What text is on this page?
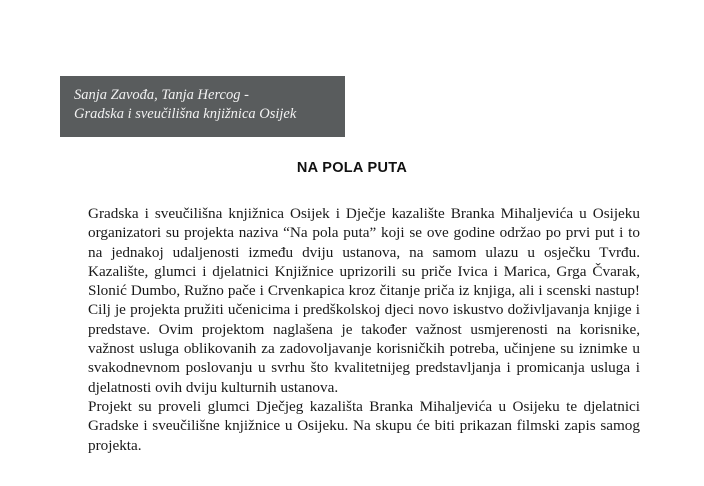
Sanja Zavođa, Tanja Hercog -
Gradska i sveučilišna knjižnica Osijek
NA POLA PUTA

Gradska i sveučilišna knjižnica Osijek i Dječje kazalište Branka Mihaljevića u Osijeku organizatori su projekta naziva “Na pola puta” koji se ove godine održao po prvi put i to na jednakoj udaljenosti između dviju ustanova, na samom ulazu u osječku Tvrđu. Kazalište, glumci i djelatnici Knjižnice uprizorili su priče Ivica i Marica, Grga Čvarak, Slonić Dumbo, Ružno pače i Crvenkapica kroz čitanje priča iz knjiga, ali i scenski nastup! Cilj je projekta pružiti učenicima i predškolskoj djeci novo iskustvo doživljavanja knjige i predstave. Ovim projektom naglašena je također važnost usmjerenosti na korisnike, važnost usluga oblikovanih za zadovoljavanje korisničkih potreba, učinjene su iznimke u svakodnevnom poslovanju u svrhu što kvalitetnijeg predstavljanja i promicanja usluga i djelatnosti ovih dviju kulturnih ustanova.

Projekt su proveli glumci Dječjeg kazališta Branka Mihaljevića u Osijeku te djelatnici Gradske i sveučilišne knjižnice u Osijeku. Na skupu će biti prikazan filmski zapis samog projekta.
